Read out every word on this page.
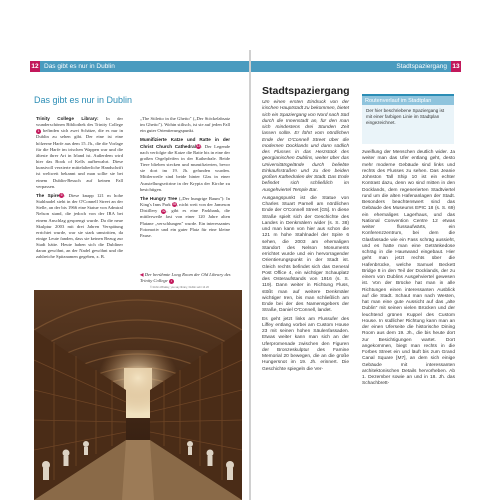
12 Das gibt es nur in Dublin
Das gibt es nur in Dublin

Trinity College Library: In der wunderschönen Bibliothek des Trinity College 1 befinden sich zwei Schätze, die es nur in Dublin zu sehen gibt. Der eine ist eine hölzerne Harfe aus dem 15. Jh., die die Vorlage für die Harfe im irischen Wappen war und die älteste ihrer Art in Irland ist. Außerdem wird hier das Book of Kells aufbewahrt. Diese kunstvoll verzierte mittelalterliche Handschrift ist weltweit bekannt und man sollte sie bei einem Dublin-Besuch auf keinen Fall verpassen.

The Spire 6 : Diese knapp 121 m hohe Stahlnadel steht in der O'Connell Street an der Stelle, an der bis 1966 eine Statue von Admiral Nelson stand, die jedoch von der IRA bei einem Anschlag gesprengt wurde. Da die neue Skulptur 2003 mit drei Jahren Verspätung errichtet wurde, war sie stark umstritten, da einige Leute fanden, dass sie keinen Bezug zur Stadt hätte. Heute haben sich die Dubliner daran gewöhnt, an der Nadel gewöhnt und die zahlreiche Spitznamen gegeben, z. B.

„The Stiletto in the Ghetto" („Der Stöckelabsatz im Ghetto"). Wohin stilisch, ist sie auf jeden Fall ein guter Orientierungspunkt.

Mumifizierte Katze und Ratte in der Christ Church Cathedral13: Der Legende nach verfolgte die Katze die Ratte bis in eine der großen Orgelpfeifen in der Kathedrale. Beide Tiere blieben stecken und mumifizierten, bevor sie dort im 19. Jh. gefunden wurden. Mittlerweile sind beide hinter Glas in einer Ausstellungsvitrine in der Krypta der Kirche zu besichtigen.

The Hungry Tree („Der hungrige Baum"): In King's Inns Park 35, nicht weit von der Jameson Distillery 32, gibt es eine Parkbank, die mittlerweile fast von einer 120 Jahre alten Platane „verschlungen" wurde. Ein interessantes Fotomotiv und ein guter Platz für eine kleine Pause.

◀ Der berühmte Long Room der Old Library des Trinity College 1
© Robin Whalley, you say library, Dublin sehr 14 20
Stadtspaziergang 13
Stadtspaziergang

Um einen ersten Eindruck von der irischen Hauptstadt zu bekommen, bietet sich ein Spaziergang von Nord nach Süd durch die Innenstadt an, für den man sich mindestens drei Stunden Zeit lassen sollte. Er führt vom nördlichen Ende der O'Connell Street über die modernen Docklands und dann südlich des Flusses in das Herzstück des georgianischen Dublins, weiter über das Universitätsgelände durch beliebte Einkaufsstraßen und zu den beiden großen Kathedralen der Stadt. Das Ende befindet sich schließlich im Ausgehviertel Temple Bar.

Ausgangspunkt ist die Statue von Charles Stuart Parnell am nördlichen Ende der O'Connell Street [G5]. In diese Straße spielt sich der Geschichte des Landes in Denkmälern wider (s. S. 38) und man kann von hier aus schon die 121 m hohe Stahlnadel der Spire 6 sehen, die 2003 am ehemaligen Standort des Nelson Monuments errichtet wurde und ein hervorragender Orientierungspunkt in der Stadt ist. Gleich rechts befindet sich das General Post Office 4, ein wichtiger Schauplatz des Osteraufstands von 1916 (s. S. 119). Dann weiter in Richtung Fluss, stößt man auf weitere Denkmäler wichtiger Iren, bis man schließlich am Ende bei der des Namensgebers der Straße, Daniel O'Connell, landet.

Es geht jetzt links am Flussufer des Liffey entlang vorbei am Custom House 23 mit seinen hohen Säulenfassaden. Etwas weiter kann man sich an der Uferpromenade zwischen den Figuren der Bronzeskulptur des Famine Memorial 20 bewegen, die an die große Hungersnot im 19. Jh. erinnert. Die Geschichte spiegeln die Ver-

Routenverlauf im Stadtplan
Der hier beschriebene Spaziergang ist mit einer farbigen Linie im Stadtplan eingezeichnet.

zweiflung der Menschen deutlich wider. Ja weiter man das Ufer entlang geht, desto mehr moderne Gebäude sind links und rechts des Flusses zu sehen. Das Jeanie Johnston Tall Ship 10 ist ein echter Kontrast dazu, denn wo sind mitten in den Docklands, dem regenerierten Stadtviertel rund um die alten Hafenanlagen der Stadt. Besonders beachtenswert sind das Gebäude des Museums EPIC 18 (s. S. 69) ein ehemaliges Lagerhaus, und das National Convention Centre 12 etwas weiter flussaufwärts, ein Konferenzzentrum, bei dem die Glasfassade wie ein Fass schräg aussieht, und es hatte man eine Getränkedose schräg in die Hauswand eingebaut. Hier geht man jetzt rechts über die Hafenbrücke, welche Samuel Beckett Bridge 8 in den Teil der Docklands, der zu einem von Dublins Ausgehviertel gewesen ist. Von der Brücke hat man in alle Richtungen einen interessanten Ausblick auf die Stadt. Schaut man nach Westen, hat man eine gute Aussicht auf das „alte Dublin" mit seinen vielen Brücken und der leuchtend grünen Kuppel des Custom House. In südlicher Richtung kann man an der einen Uferseite die historische Dining Room aus dem 19. Jh., die bis heute dort zur Besichtigungen wartet. Dort angekommen, biegt man rechts in die Forbes Street ein und läuft bis zum Grand Canal Square [M7], an dem sich einige Gebäude mit interessanten architektonischen Details hervorheben. Ab 1. Dezember sowie an und in 18. Jh. das Schachbrett-
